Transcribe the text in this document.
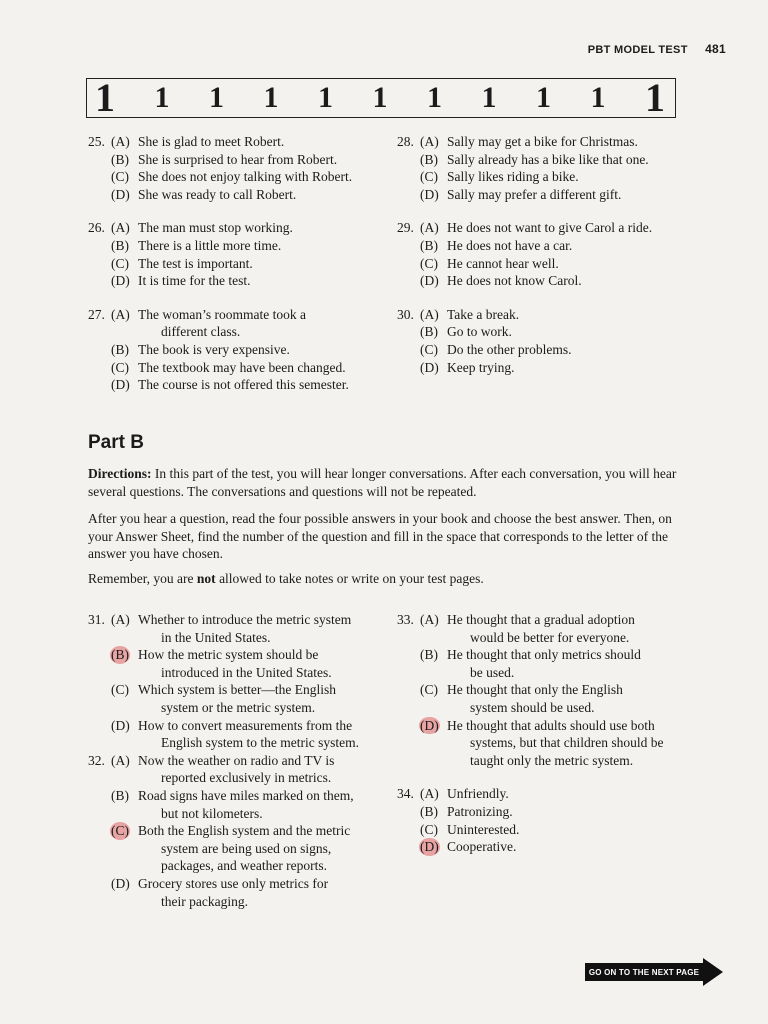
PBT MODEL TEST 481
1 1 1 1 1 1 1 1 1 1 1
25. (A) She is glad to meet Robert.
(B) She is surprised to hear from Robert.
(C) She does not enjoy talking with Robert.
(D) She was ready to call Robert.
26. (A) The man must stop working.
(B) There is a little more time.
(C) The test is important.
(D) It is time for the test.
27. (A) The woman’s roommate took a
different class.
(B) The book is very expensive.
(C) The textbook may have been changed.
(D) The course is not offered this semester.
28. (A) Sally may get a bike for Christmas.
(B) Sally already has a bike like that one.
(C) Sally likes riding a bike.
(D) Sally may prefer a different gift.
29. (A) He does not want to give Carol a ride.
(B) He does not have a car.
(C) He cannot hear well.
(D) He does not know Carol.
30. (A) Take a break.
(B) Go to work.
(C) Do the other problems.
(D) Keep trying.
Part B
Directions: In this part of the test, you will hear longer conversations. After each conversation, you will hear several questions. The conversations and questions will not be repeated.
After you hear a question, read the four possible answers in your book and choose the best answer. Then, on your Answer Sheet, find the number of the question and fill in the space that corresponds to the letter of the answer you have chosen.
Remember, you are not allowed to take notes or write on your test pages.
31. (A) Whether to introduce the metric system
in the United States.
(B) How the metric system should be
introduced in the United States.
(C) Which system is better—the English
system or the metric system.
(D) How to convert measurements from the
English system to the metric system.
32. (A) Now the weather on radio and TV is
reported exclusively in metrics.
(B) Road signs have miles marked on them,
but not kilometers.
(C) Both the English system and the metric
system are being used on signs,
packages, and weather reports.
(D) Grocery stores use only metrics for
their packaging.
33. (A) He thought that a gradual adoption
would be better for everyone.
(B) He thought that only metrics should
be used.
(C) He thought that only the English
system should be used.
(D) He thought that adults should use both
systems, but that children should be
taught only the metric system.
34. (A) Unfriendly.
(B) Patronizing.
(C) Uninterested.
(D) Cooperative.
GO ON TO THE NEXT PAGE
